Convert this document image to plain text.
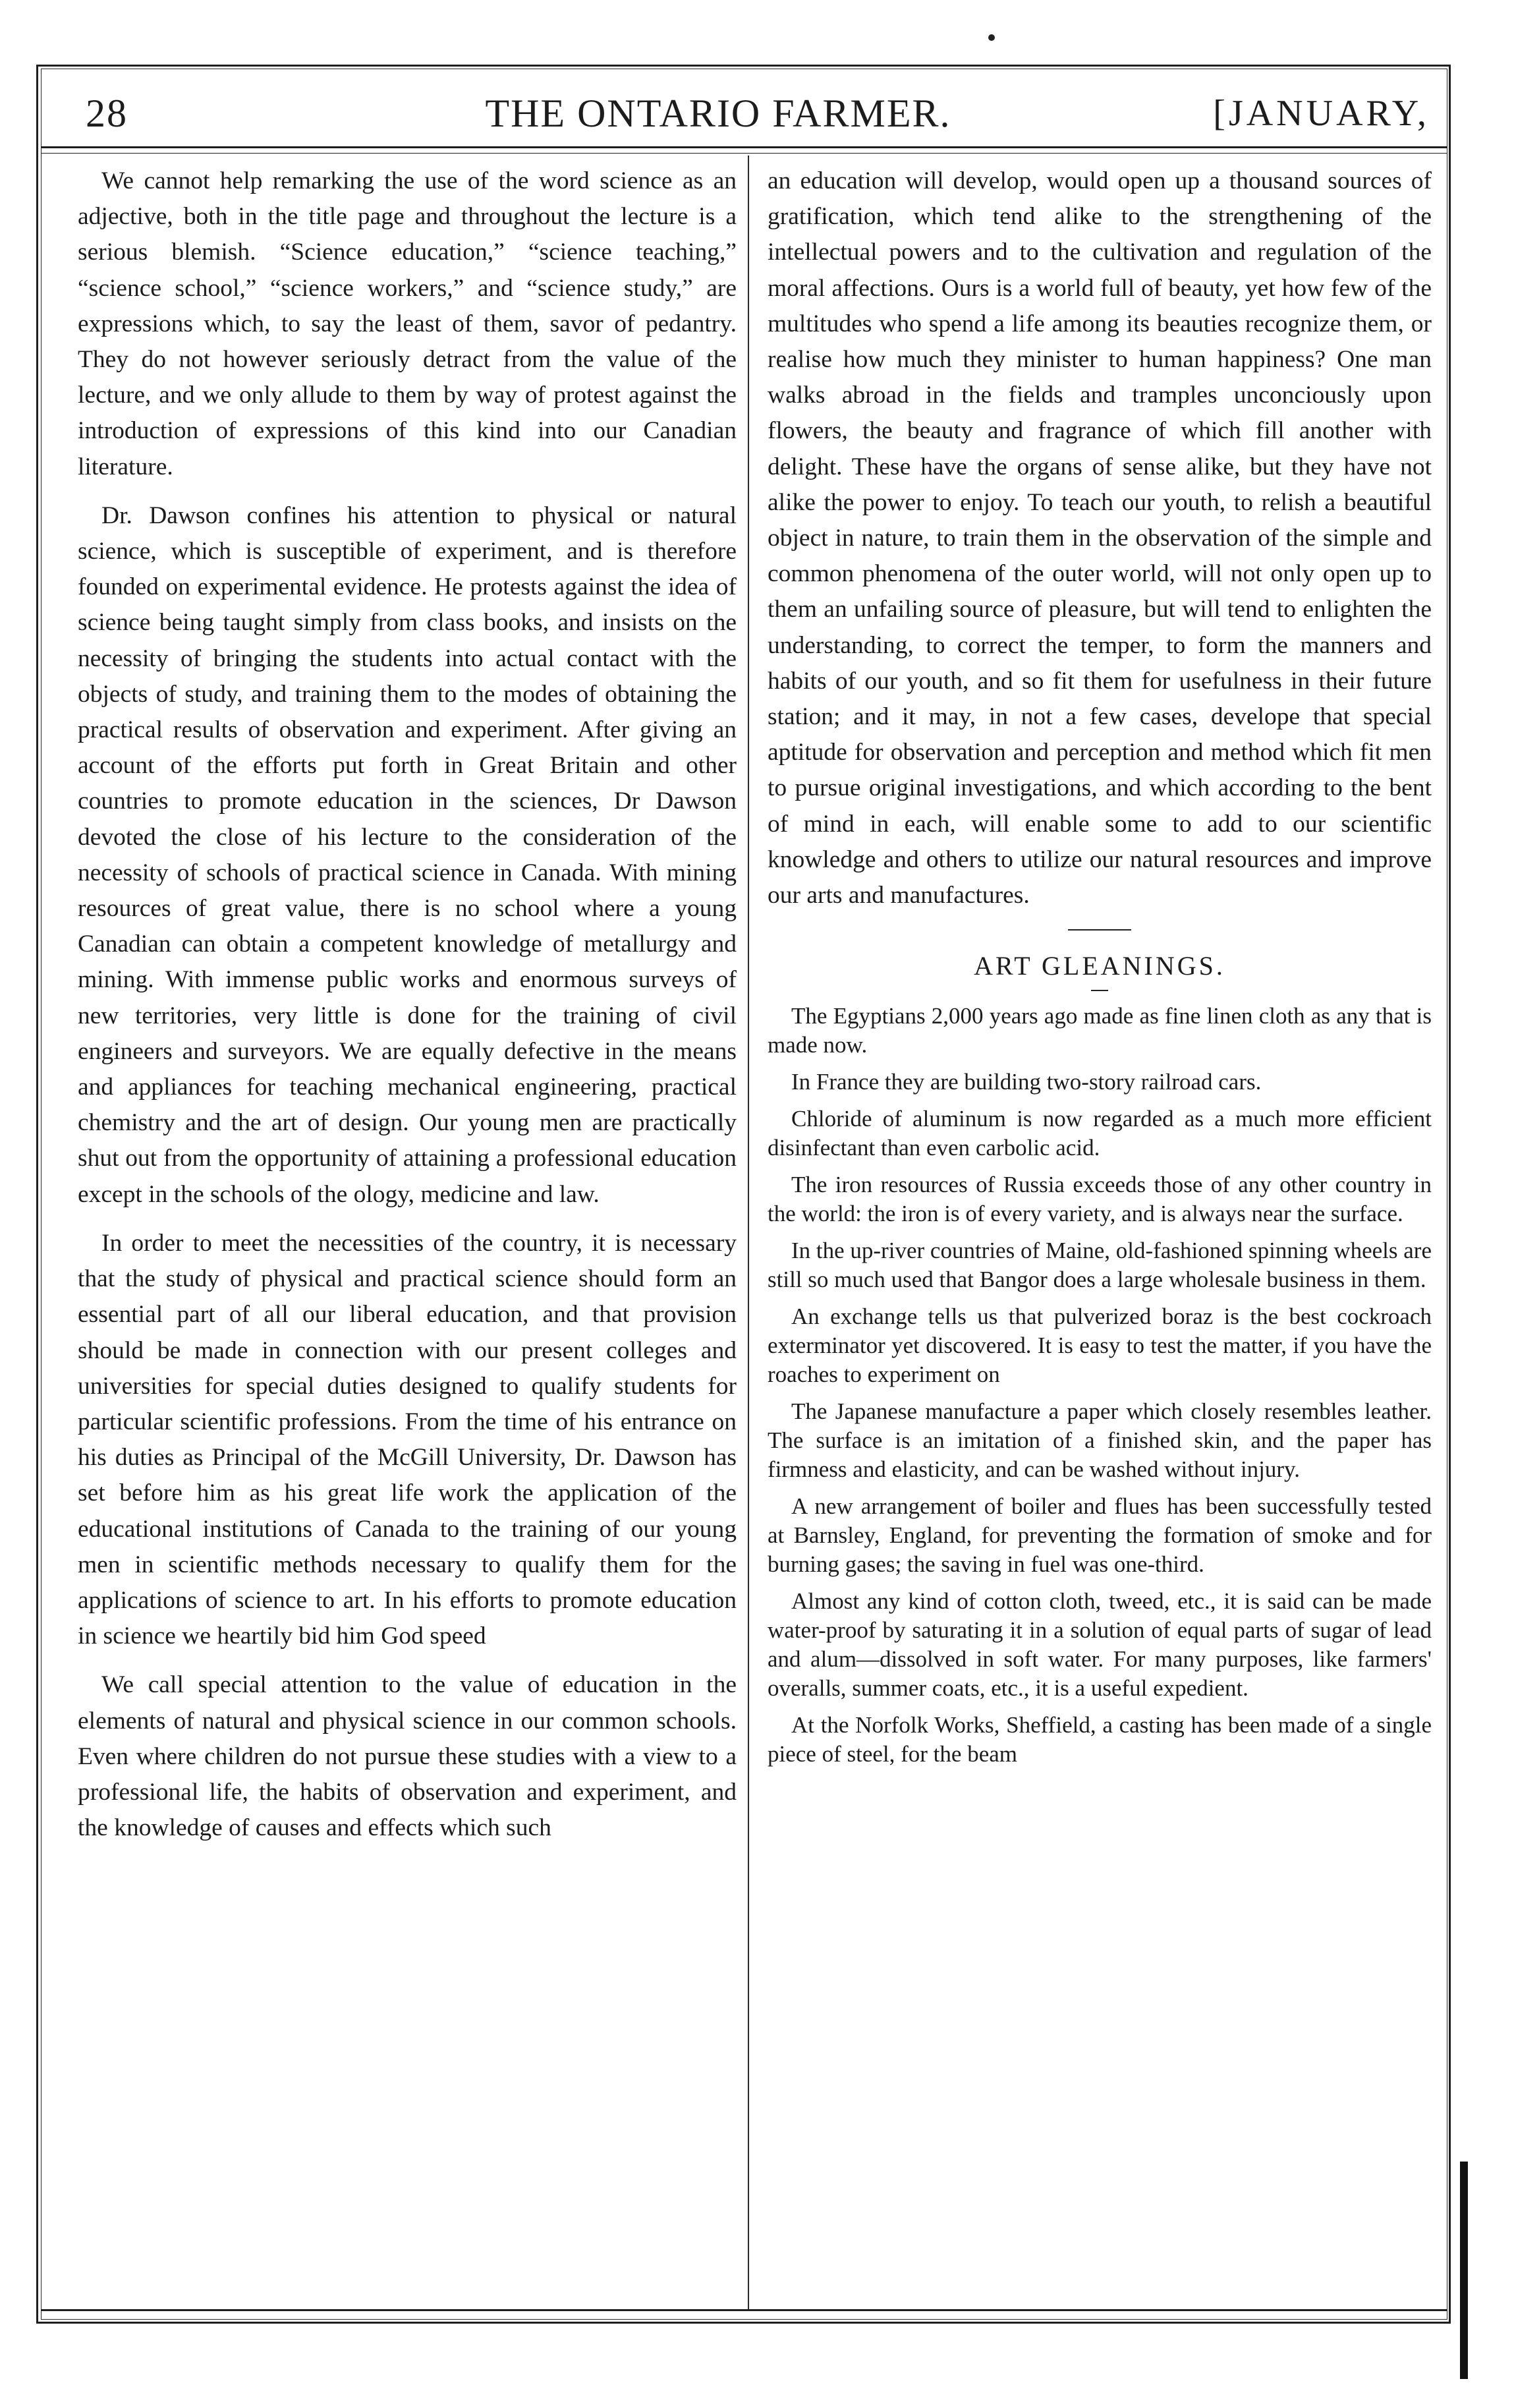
28	THE ONTARIO FARMER.	[JANUARY,

We cannot help remarking the use of the word science as an adjective, both in the title page and throughout the lecture is a serious blemish. “Science education,” “science teaching,” “science school,” “science workers,” and “science study,” are expressions which, to say the least of them, savor of pedantry. They do not however seriously detract from the value of the lecture, and we only allude to them by way of protest against the introduction of expressions of this kind into our Canadian literature.

Dr. Dawson confines his attention to physical or natural science, which is susceptible of experiment, and is therefore founded on experimental evidence. He protests against the idea of science being taught simply from class books, and insists on the necessity of bringing the students into actual contact with the objects of study, and training them to the modes of obtaining the practical results of observation and experiment. After giving an account of the efforts put forth in Great Britain and other countries to promote education in the sciences, Dr Dawson devoted the close of his lecture to the consideration of the necessity of schools of practical science in Canada. With mining resources of great value, there is no school where a young Canadian can obtain a competent knowledge of metallurgy and mining. With immense public works and enormous surveys of new territories, very little is done for the training of civil engineers and surveyors. We are equally defective in the means and appliances for teaching mechanical engineering, practical chemistry and the art of design. Our young men are practically shut out from the opportunity of attaining a professional education except in the schools of the ology, medicine and law.

In order to meet the necessities of the country, it is necessary that the study of physical and practical science should form an essential part of all our liberal education, and that provision should be made in connection with our present colleges and universities for special duties designed to qualify students for particular scientific professions. From the time of his entrance on his duties as Principal of the McGill University, Dr. Dawson has set before him as his great life work the application of the educational institutions of Canada to the training of our young men in scientific methods necessary to qualify them for the applications of science to art. In his efforts to promote education in science we heartily bid him God speed

We call special attention to the value of education in the elements of natural and physical science in our common schools. Even where children do not pursue these studies with a view to a professional life, the habits of observation and experiment, and the knowledge of causes and effects which such

an education will develop, would open up a thousand sources of gratification, which tend alike to the strengthening of the intellectual powers and to the cultivation and regulation of the moral affections. Ours is a world full of beauty, yet how few of the multitudes who spend a life among its beauties recognize them, or realise how much they minister to human happiness? One man walks abroad in the fields and tramples unconciously upon flowers, the beauty and fragrance of which fill another with delight. These have the organs of sense alike, but they have not alike the power to enjoy. To teach our youth, to relish a beautiful object in nature, to train them in the observation of the simple and common phenomena of the outer world, will not only open up to them an unfailing source of pleasure, but will tend to enlighten the understanding, to correct the temper, to form the manners and habits of our youth, and so fit them for usefulness in their future station; and it may, in not a few cases, develope that special aptitude for observation and perception and method which fit men to pursue original investigations, and which according to the bent of mind in each, will enable some to add to our scientific knowledge and others to utilize our natural resources and improve our arts and manufactures.

ART GLEANINGS.

The Egyptians 2,000 years ago made as fine linen cloth as any that is made now.

In France they are building two-story railroad cars.

Chloride of aluminum is now regarded as a much more efficient disinfectant than even carbolic acid.

The iron resources of Russia exceeds those of any other country in the world: the iron is of every variety, and is always near the surface.

In the up-river countries of Maine, old-fashioned spinning wheels are still so much used that Bangor does a large wholesale business in them.

An exchange tells us that pulverized boraz is the best cockroach exterminator yet discovered. It is easy to test the matter, if you have the roaches to experiment on

The Japanese manufacture a paper which closely resembles leather. The surface is an imitation of a finished skin, and the paper has firmness and elasticity, and can be washed without injury.

A new arrangement of boiler and flues has been successfully tested at Barnsley, England, for preventing the formation of smoke and for burning gases; the saving in fuel was one-third.

Almost any kind of cotton cloth, tweed, etc., it is said can be made water-proof by saturating it in a solution of equal parts of sugar of lead and alum—dissolved in soft water. For many purposes, like farmers' overalls, summer coats, etc., it is a useful expedient.

At the Norfolk Works, Sheffield, a casting has been made of a single piece of steel, for the beam
